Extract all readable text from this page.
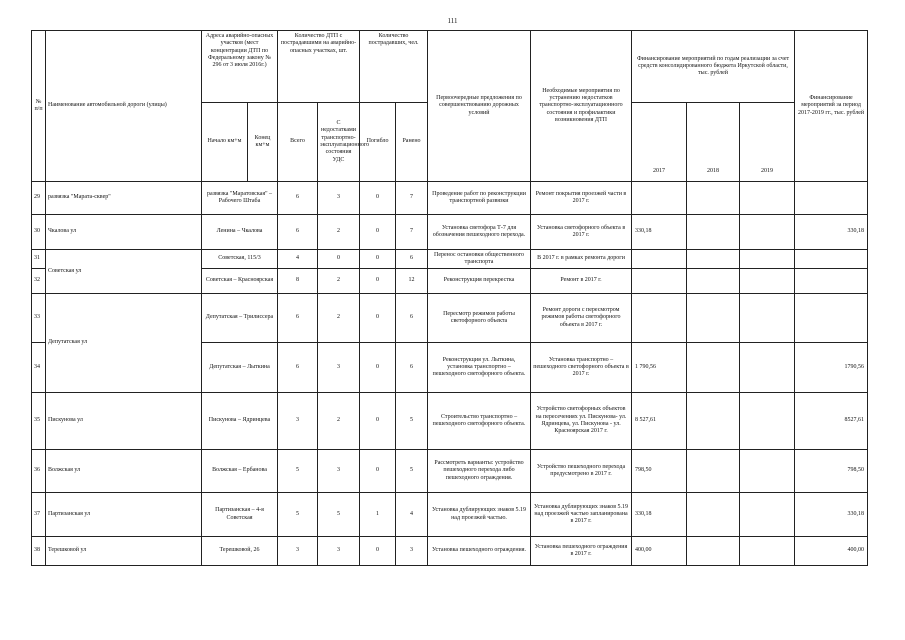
111
№ п/п	Наименование автомобильной дороги (улицы)	Адреса аварийно-опасных участков (мест концентрации ДТП по Федеральному закону № 296 от 3 июля 2016г.)		Количество ДТП с пострадавшими на аварийно-опасных участках, шт.		Количество пострадавших, чел.		Первоочередные предложения по совершенствованию дорожных условий	Необходимые мероприятия по устранению недостатков транспортно-эксплуатационного состояния и профилактики возникновения ДТП	Финансирование мероприятий по годам реализации за счет средств консолидированного бюджета Иркутской области, тыс. рублей			Финансирование мероприятий за период 2017-2019 гг., тыс. рублей
		Начало км+м	Конец км+м	Всего	С недостатками транспортно-эксплуатационного состояния УДС	Погибло	Ранено			2017	2018	2019	
29	развязка "Марата-сквер"	развязка "Маратовская" – Рабочего Штаба		6	3	0	7	Проведение работ по реконструкции транспортной развязки	Ремонт покрытия проезжей части в 2017 г.				
30	Чкалова ул	Ленина – Чкалова		6	2	0	7	Установка светофора Т-7 для обозначения пешеходного перехода.	Установка светофорного объекта в 2017 г.	330,18			330,18
31	Советская ул	Советская, 115/3		4	0	0	6	Перенос остановки общественного транспорта	В 2017 г. в рамках ремонта дороги				
32		Советская – Красноярская		8	2	0	12	Реконструкция перекрестка	Ремонт в 2017 г.				
33	Депутатская ул	Депутатская – Трилиссера		6	2	0	6	Пересмотр режимов работы светофорного объекта	Ремонт дороги с пересмотром режимов работы светофорного объекта в 2017 г.				
34		Депутатская – Лыткина		6	3	0	6	Реконструкция ул. Лыткина, установка транспортно – пешеходного светофорного объекта.	Установка транспортно – пешеходного светофорного объекта в 2017 г.	1 790,56			1790,56
35	Пискунова ул	Пискунова – Ядринцева		3	2	0	5	Строительство транспортно – пешеходного светофорного объекта.	Устройство светофорных объектов на пересечениях ул. Пискунова- ул. Ядринцева, ул. Пискунова - ул. Красноярская 2017 г.	8 527,61			8527,61
36	Волжская ул	Волжская – Ербанова		5	3	0	5	Рассмотреть варианты: устройство пешеходного перехода либо пешеходного ограждения.	Устройство пешеходного перехода предусмотрено в 2017 г.	798,50			798,50
37	Партизанская ул	Партизанская – 4-я Советская		5	5	1	4	Установка дублирующих знаков 5.19 над проезжей частью.	Установка дублирующих знаков 5.19 над проезжей частью запланирована в 2017 г.	330,18			330,18
38	Терешковой ул	Терешковой, 26		3	3	0	3	Установка пешеходного ограждения.	Установка пешеходного ограждения в 2017 г.	400,00			400,00
